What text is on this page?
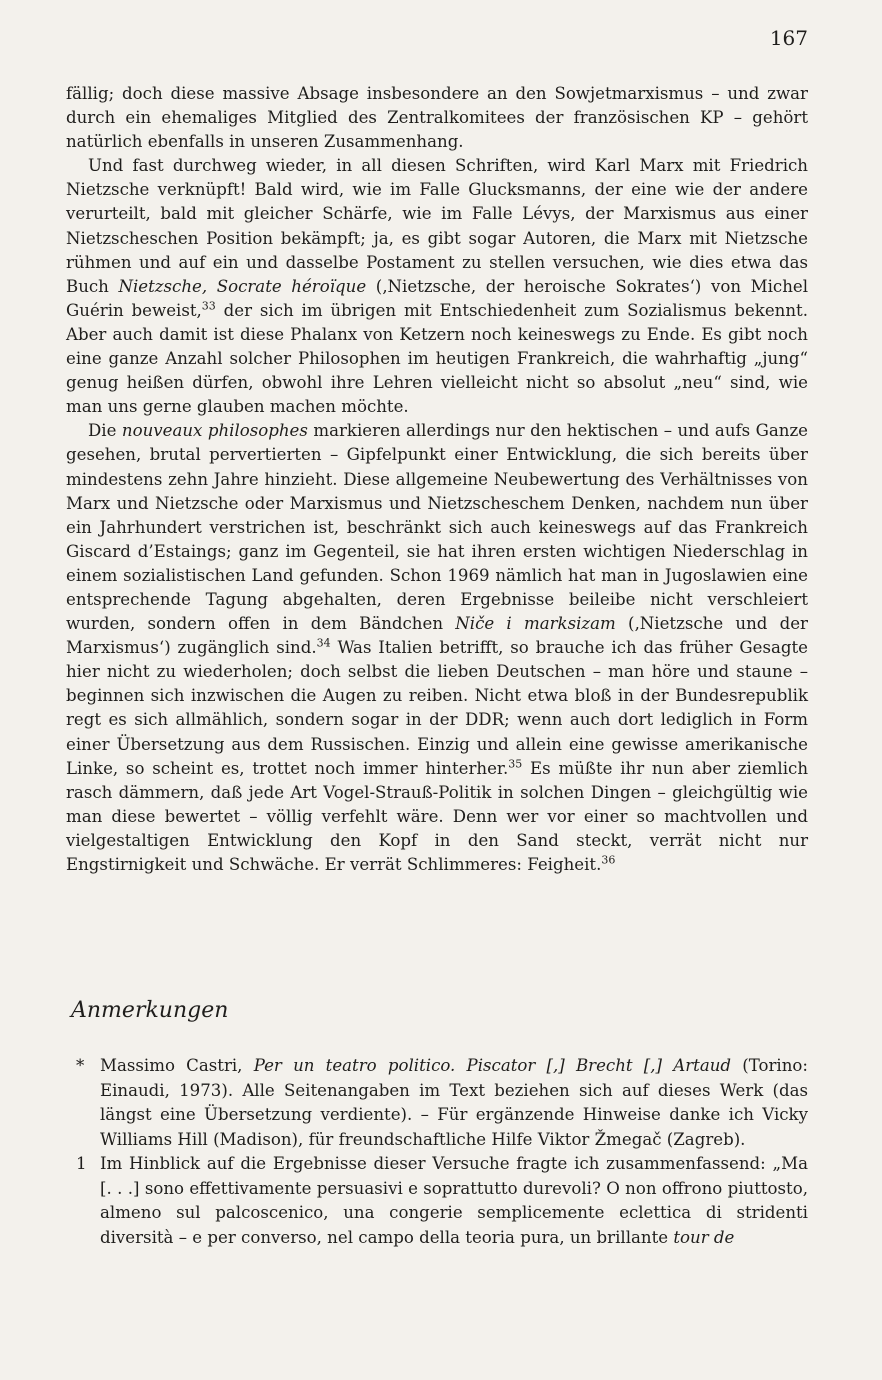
167

fällig; doch diese massive Absage insbesondere an den Sowjetmarxismus – und zwar durch ein ehemaliges Mitglied des Zentralkomitees der französischen KP – gehört natürlich ebenfalls in unseren Zusammenhang.

Und fast durchweg wieder, in all diesen Schriften, wird Karl Marx mit Friedrich Nietzsche verknüpft! Bald wird, wie im Falle Glucksmanns, der eine wie der andere verurteilt, bald mit gleicher Schärfe, wie im Falle Lévys, der Marxismus aus einer Nietzscheschen Position bekämpft; ja, es gibt sogar Autoren, die Marx mit Nietzsche rühmen und auf ein und dasselbe Postament zu stellen versuchen, wie dies etwa das Buch Nietzsche, Socrate héroïque (‚Nietzsche, der heroische Sokrates‘) von Michel Guérin beweist,$^{33}$ der sich im übrigen mit Entschiedenheit zum Sozialismus bekennt. Aber auch damit ist diese Phalanx von Ketzern noch keineswegs zu Ende. Es gibt noch eine ganze Anzahl solcher Philosophen im heutigen Frankreich, die wahrhaftig „jung“ genug heißen dürfen, obwohl ihre Lehren vielleicht nicht so absolut „neu“ sind, wie man uns gerne glauben machen möchte.

Die nouveaux philosophes markieren allerdings nur den hektischen – und aufs Ganze gesehen, brutal pervertierten – Gipfelpunkt einer Entwicklung, die sich bereits über mindestens zehn Jahre hinzieht. Diese allgemeine Neubewertung des Verhältnisses von Marx und Nietzsche oder Marxismus und Nietzscheschem Denken, nachdem nun über ein Jahrhundert verstrichen ist, beschränkt sich auch keineswegs auf das Frankreich Giscard d’Estaings; ganz im Gegenteil, sie hat ihren ersten wichtigen Niederschlag in einem sozialistischen Land gefunden. Schon 1969 nämlich hat man in Jugoslawien eine entsprechende Tagung abgehalten, deren Ergebnisse beileibe nicht verschleiert wurden, sondern offen in dem Bändchen Niče i marksizam (‚Nietzsche und der Marxismus‘) zugänglich sind.$^{34}$ Was Italien betrifft, so brauche ich das früher Gesagte hier nicht zu wiederholen; doch selbst die lieben Deutschen – man höre und staune – beginnen sich inzwischen die Augen zu reiben. Nicht etwa bloß in der Bundesrepublik regt es sich allmählich, sondern sogar in der DDR; wenn auch dort lediglich in Form einer Übersetzung aus dem Russischen. Einzig und allein eine gewisse amerikanische Linke, so scheint es, trottet noch immer hinterher.$^{35}$ Es müßte ihr nun aber ziemlich rasch dämmern, daß jede Art Vogel-Strauß-Politik in solchen Dingen – gleichgültig wie man diese bewertet – völlig verfehlt wäre. Denn wer vor einer so machtvollen und vielgestaltigen Entwicklung den Kopf in den Sand steckt, verrät nicht nur Engstirnigkeit und Schwäche. Er verrät Schlimmeres: Feigheit.$^{36}$

Anmerkungen
* Massimo Castri, Per un teatro politico. Piscator [,] Brecht [,] Artaud (Torino: Einaudi, 1973). Alle Seitenangaben im Text beziehen sich auf dieses Werk (das längst eine Übersetzung verdiente). – Für ergänzende Hinweise danke ich Vicky Williams Hill (Madison), für freundschaftliche Hilfe Viktor Žmegač (Zagreb).
1 Im Hinblick auf die Ergebnisse dieser Versuche fragte ich zusammenfassend: „Ma [. . .] sono effettivamente persuasivi e soprattutto durevoli? O non offrono piuttosto, almeno sul palcoscenico, una congerie semplicemente eclettica di stridenti diversità – e per converso, nel campo della teoria pura, un brillante tour de
